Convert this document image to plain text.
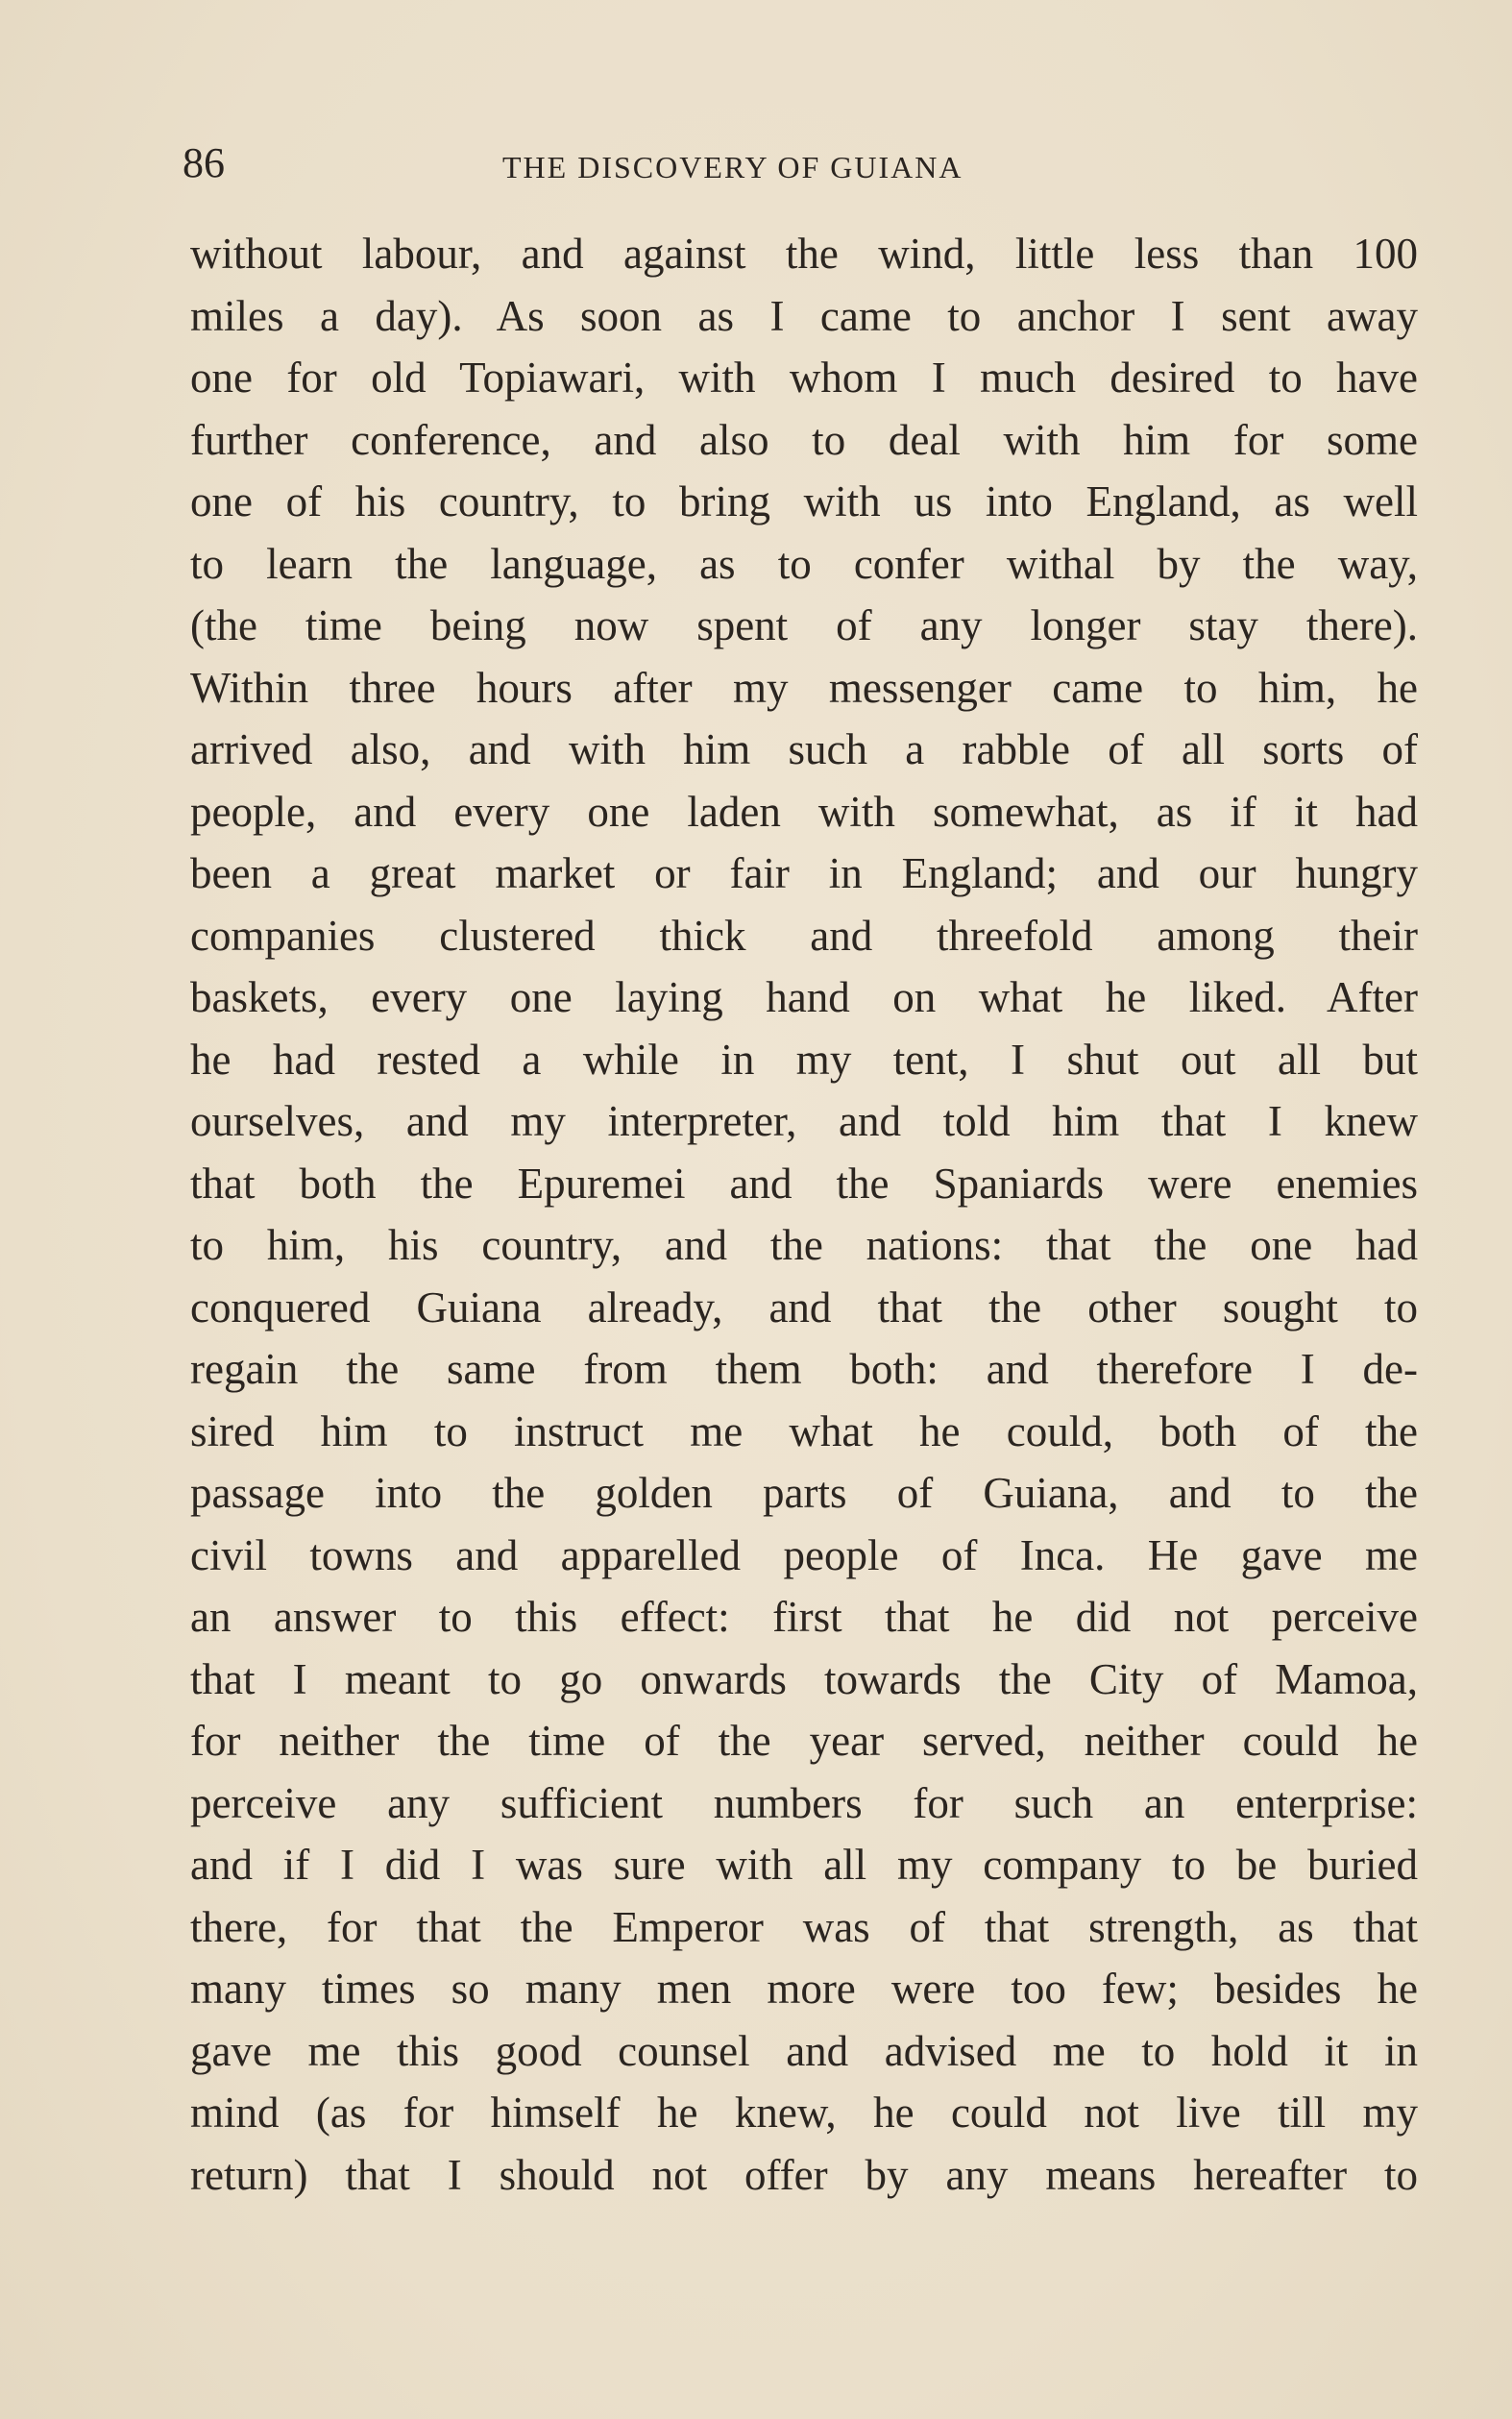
86	THE DISCOVERY OF GUIANA
without labour, and against the wind, little less than 100
miles a day). As soon as I came to anchor I sent away
one for old Topiawari, with whom I much desired to have
further conference, and also to deal with him for some
one of his country, to bring with us into England, as well
to learn the language, as to confer withal by the way,
(the time being now spent of any longer stay there).
Within three hours after my messenger came to him, he
arrived also, and with him such a rabble of all sorts of
people, and every one laden with somewhat, as if it had
been a great market or fair in England; and our hungry
companies clustered thick and threefold among their
baskets, every one laying hand on what he liked. After
he had rested a while in my tent, I shut out all but
ourselves, and my interpreter, and told him that I knew
that both the Epuremei and the Spaniards were enemies
to him, his country, and the nations: that the one had
conquered Guiana already, and that the other sought to
regain the same from them both: and therefore I de-
sired him to instruct me what he could, both of the
passage into the golden parts of Guiana, and to the
civil towns and apparelled people of Inca. He gave me
an answer to this effect: first that he did not perceive
that I meant to go onwards towards the City of Mamoa,
for neither the time of the year served, neither could he
perceive any sufficient numbers for such an enterprise:
and if I did I was sure with all my company to be buried
there, for that the Emperor was of that strength, as that
many times so many men more were too few; besides he
gave me this good counsel and advised me to hold it in
mind (as for himself he knew, he could not live till my
return) that I should not offer by any means hereafter to
